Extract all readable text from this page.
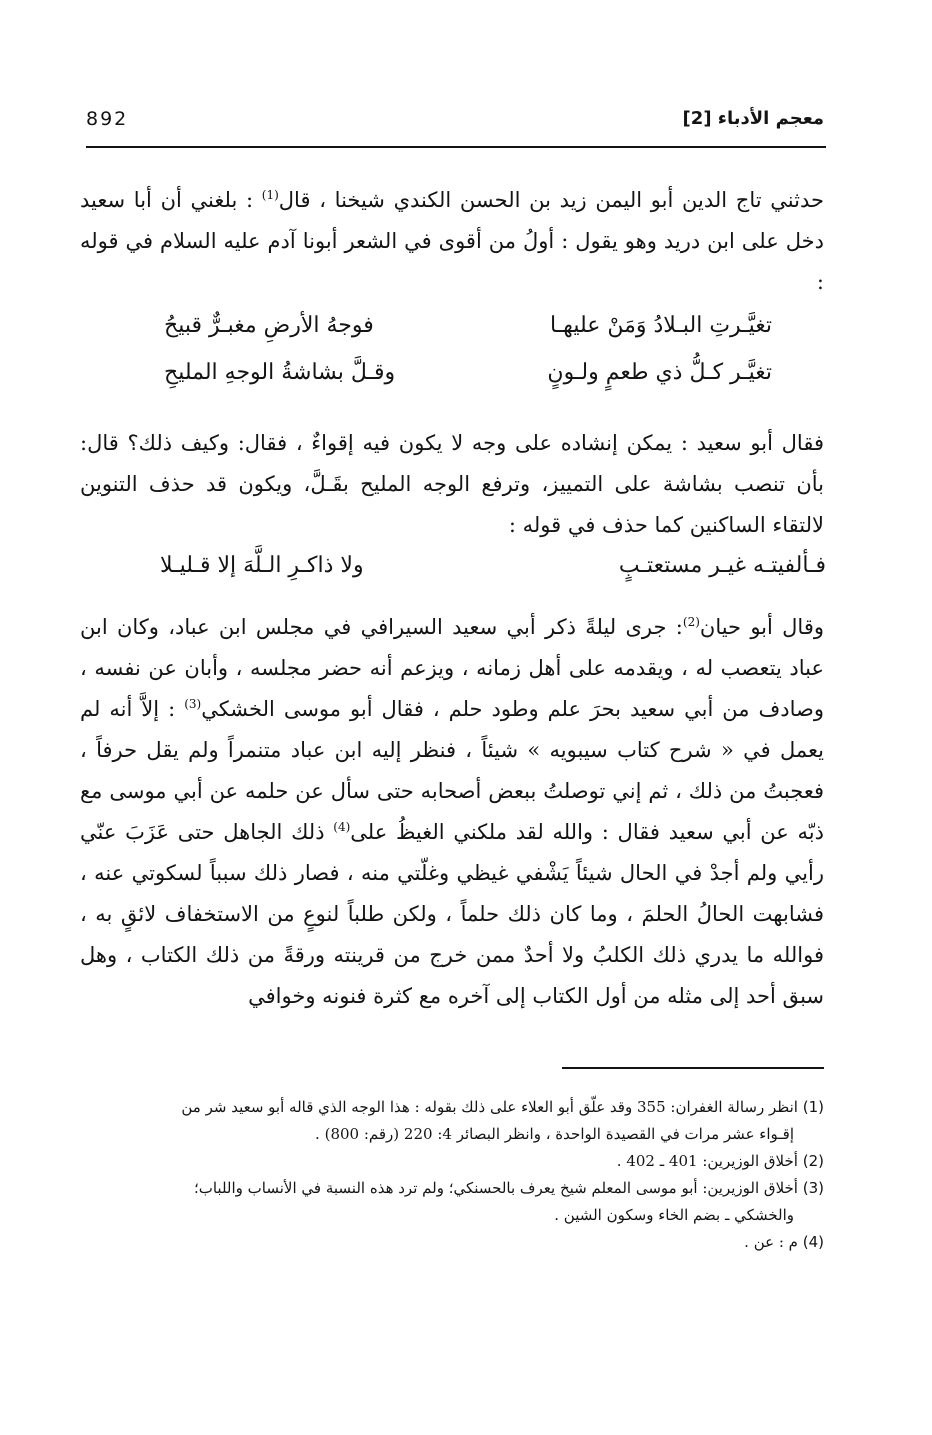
892	معجم الأدباء [2]
حدثني تاج الدين أبو اليمن زيد بن الحسن الكندي شيخنا ، قال$^{(1)}$ : بلغني أن أبا سعيد دخل على ابن دريد وهو يقول : أولُ من أقوى في الشعر أبونا آدم عليه السلام في قوله :
تغيَّـرتِ البـلادُ وَمَنْ عليهـا
فوجهُ الأرضِ مغبـرٌّ قبيحُ
تغيَّـر كـلُّ ذي طعمٍ ولـونٍ
وقـلَّ بشاشةُ الوجهِ المليحِ
فقال أبو سعيد : يمكن إنشاده على وجه لا يكون فيه إقواءٌ ، فقال: وكيف ذلك؟ قال: بأن تنصب بشاشة على التمييز، وترفع الوجه المليح بقَـلَّ، ويكون قد حذف التنوين لالتقاء الساكنين كما حذف في قوله :
فـألفيتـه غيـر مستعتـبٍ
ولا ذاكـرِ الـلَّهَ إلا قـليـلا
وقال أبو حيان$^{(2)}$: جرى ليلةً ذكر أبي سعيد السيرافي في مجلس ابن عباد، وكان ابن عباد يتعصب له ، ويقدمه على أهل زمانه ، ويزعم أنه حضر مجلسه ، وأبان عن نفسه ، وصادف من أبي سعيد بحرَ علم وطود حلم ، فقال أبو موسى الخشكي$^{(3)}$ : إلاَّ أنه لم يعمل في « شرح كتاب سيبويه » شيئاً ، فنظر إليه ابن عباد متنمراً ولم يقل حرفاً ، فعجبتُ من ذلك ، ثم إني توصلتُ ببعض أصحابه حتى سأل عن حلمه عن أبي موسى مع ذبّه عن أبي سعيد فقال : والله لقد ملكني الغيظُ على$^{(4)}$ ذلك الجاهل حتى عَزَبَ عنّي رأيي ولم أجدْ في الحال شيئاً يَشْفي غيظي وغلّتي منه ، فصار ذلك سبباً لسكوتي عنه ، فشابهت الحالُ الحلمَ ، وما كان ذلك حلماً ، ولكن طلباً لنوعٍ من الاستخفاف لائقٍ به ، فوالله ما يدري ذلك الكلبُ ولا أحدٌ ممن خرج من قرينته ورقةً من ذلك الكتاب ، وهل سبق أحد إلى مثله من أول الكتاب إلى آخره مع كثرة فنونه وخوافي

(1) انظر رسالة الغفران: 355 وقد علّق أبو العلاء على ذلك بقوله : هذا الوجه الذي قاله أبو سعيد شر من

إقـواء عشر مرات في القصيدة الواحدة ، وانظر البصائر 4: 220 (رقم: 800) .

(2) أخلاق الوزيرين: 401 ـ 402 .

(3) أخلاق الوزيرين: أبو موسى المعلم شيخ يعرف بالحسنكي؛ ولم ترد هذه النسبة في الأنساب واللباب؛

والخشكي ـ بضم الخاء وسكون الشين .

(4) م : عن .
